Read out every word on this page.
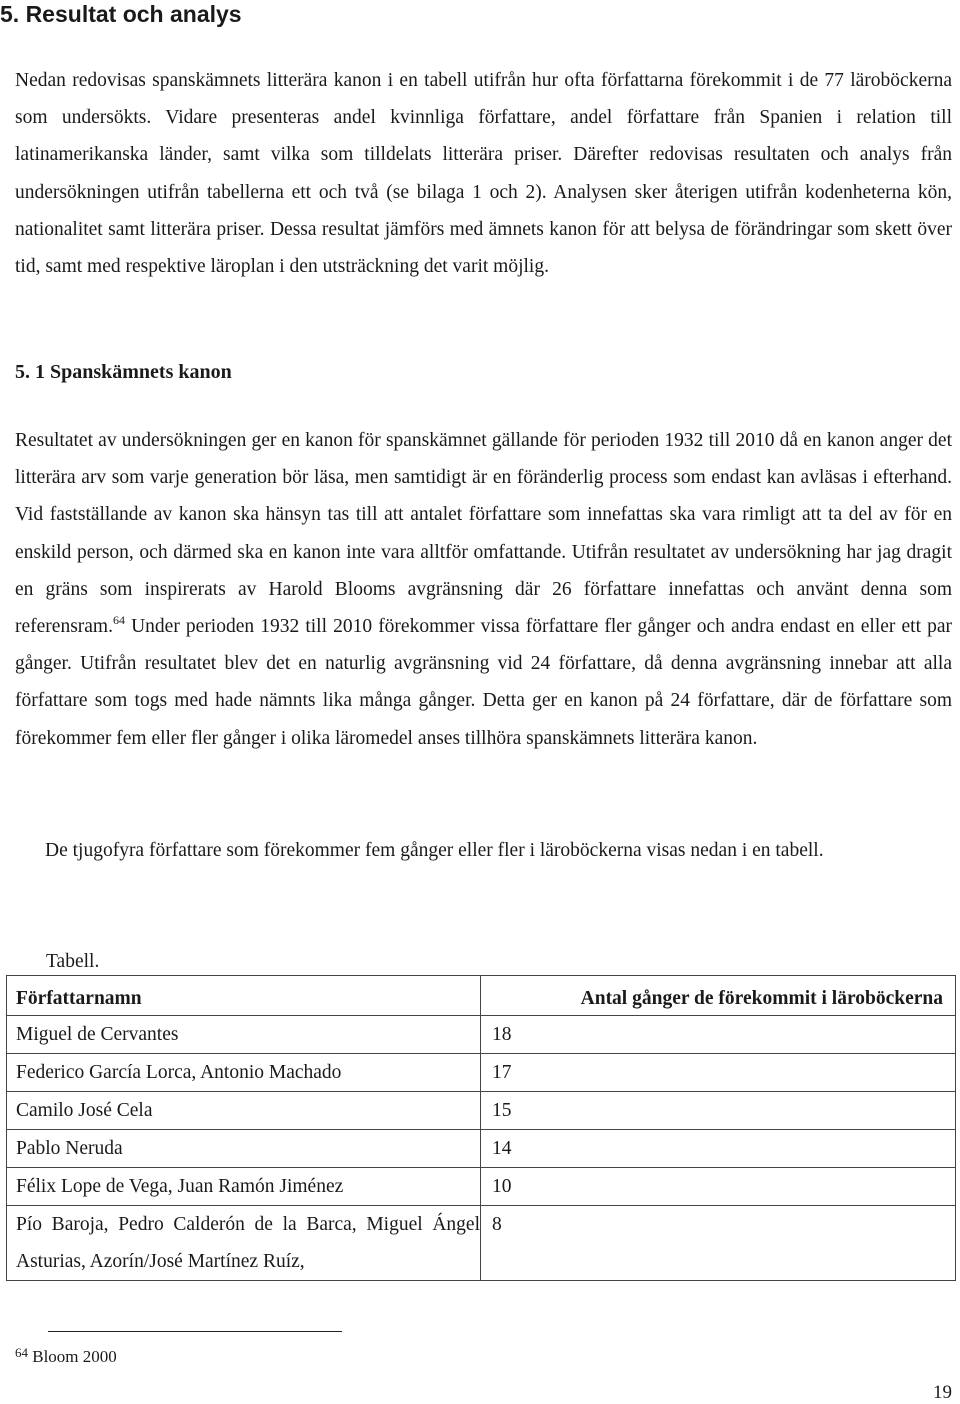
5. Resultat och analys

Nedan redovisas spanskämnets litterära kanon i en tabell utifrån hur ofta författarna förekommit i de 77 läroböckerna som undersökts. Vidare presenteras andel kvinnliga författare, andel författare från Spanien i relation till latinamerikanska länder, samt vilka som tilldelats litterära priser. Därefter redovisas resultaten och analys från undersökningen utifrån tabellerna ett och två (se bilaga 1 och 2). Analysen sker återigen utifrån kodenheterna kön, nationalitet samt litterära priser. Dessa resultat jämförs med ämnets kanon för att belysa de förändringar som skett över tid, samt med respektive läroplan i den utsträckning det varit möjlig.

5. 1 Spanskämnets kanon

Resultatet av undersökningen ger en kanon för spanskämnet gällande för perioden 1932 till 2010 då en kanon anger det litterära arv som varje generation bör läsa, men samtidigt är en föränderlig process som endast kan avläsas i efterhand. Vid fastställande av kanon ska hänsyn tas till att antalet författare som innefattas ska vara rimligt att ta del av för en enskild person, och därmed ska en kanon inte vara alltför omfattande. Utifrån resultatet av undersökning har jag dragit en gräns som inspirerats av Harold Blooms avgränsning där 26 författare innefattas och använt denna som referensram.$^{64}$ Under perioden 1932 till 2010 förekommer vissa författare fler gånger och andra endast en eller ett par gånger. Utifrån resultatet blev det en naturlig avgränsning vid 24 författare, då denna avgränsning innebar att alla författare som togs med hade nämnts lika många gånger. Detta ger en kanon på 24 författare, där de författare som förekommer fem eller fler gånger i olika läromedel anses tillhöra spanskämnets litterära kanon.

De tjugofyra författare som förekommer fem gånger eller fler i läroböckerna visas nedan i en tabell.

Tabell.
Författarnamn	Antal gånger de förekommit i läroböckerna
Miguel de Cervantes	18
Federico García Lorca, Antonio Machado	17
Camilo José Cela	15
Pablo Neruda	14
Félix Lope de Vega, Juan Ramón Jiménez	10
Pío Baroja, Pedro Calderón de la Barca, Miguel Ángel Asturias, Azorín/José Martínez Ruíz,	8
$^{64}$ Bloom 2000
19
